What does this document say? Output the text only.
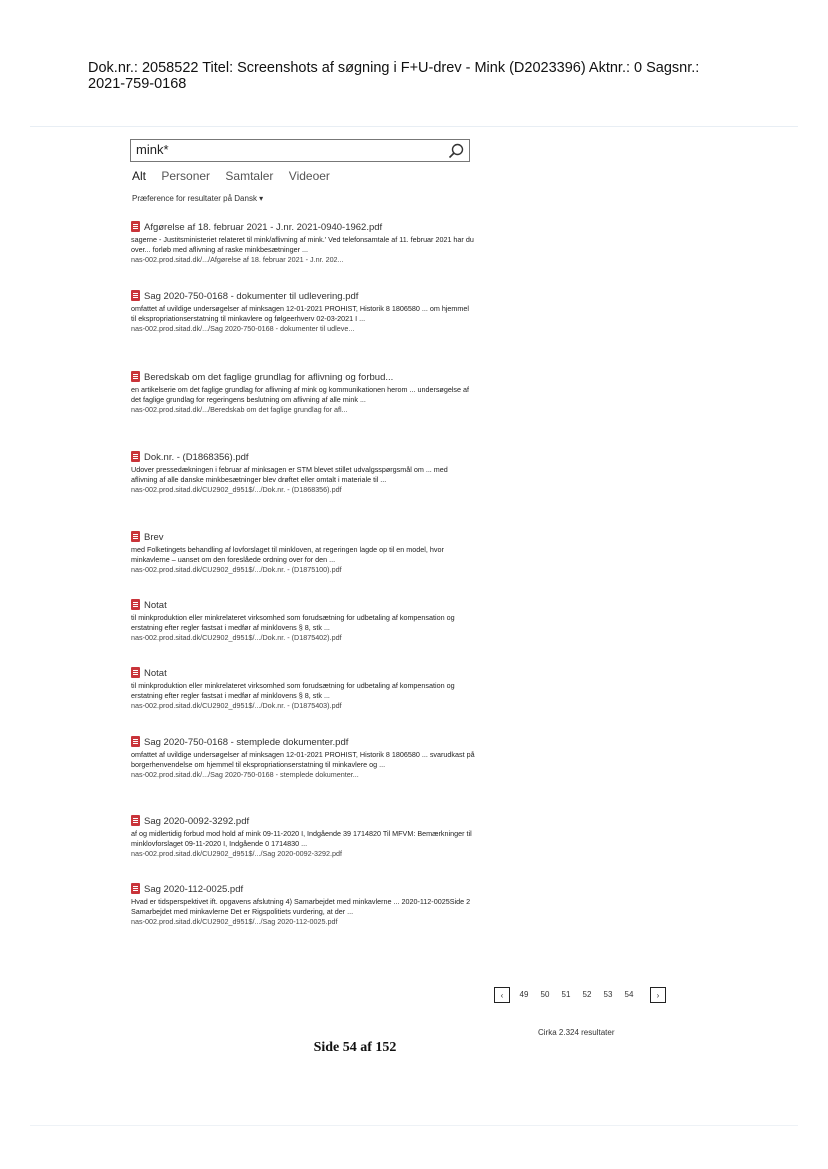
Dok.nr.: 2058522 Titel: Screenshots af søgning i F+U-drev - Mink (D2023396) Aktnr.: 0 Sagsnr.:
2021-759-0168
mink*
Alt Personer Samtaler Videoer
Præference for resultater på Dansk ▾
Afgørelse af 18. februar 2021 - J.nr. 2021-0940-1962.pdf
sagerne - Justitsministeriet relateret til mink/aflivning af mink.' Ved telefonsamtale af 11. februar 2021 har du over... forløb med aflivning af raske minkbesætninger ...
nas-002.prod.sitad.dk/.../Afgørelse af 18. februar 2021 - J.nr. 202...
Sag 2020-750-0168 - dokumenter til udlevering.pdf
omfattet af uvildige undersøgelser af minksagen 12-01-2021 PROHIST, Historik 8 1806580 ... om hjemmel til ekspropriationserstatning til minkavlere og følgeerhverv 02-03-2021 I ...
nas-002.prod.sitad.dk/.../Sag 2020-750-0168 - dokumenter til udleve...
Beredskab om det faglige grundlag for aflivning og forbud...
en artikelserie om det faglige grundlag for aflivning af mink og kommunikationen herom ... undersøgelse af det faglige grundlag for regeringens beslutning om aflivning af alle mink ...
nas-002.prod.sitad.dk/.../Beredskab om det faglige grundlag for afl...
Dok.nr. - (D1868356).pdf
Udover pressedækningen i februar af minksagen er STM blevet stillet udvalgsspørgsmål om ... med aflivning af alle danske minkbesætninger blev drøftet eller omtalt i materiale til ...
nas-002.prod.sitad.dk/CU2902_d951$/.../Dok.nr. - (D1868356).pdf
Brev
med Folketingets behandling af lovforslaget til minkloven, at regeringen lagde op til en model, hvor minkavlerne – uanset om den foreslåede ordning over for den ...
nas-002.prod.sitad.dk/CU2902_d951$/.../Dok.nr. - (D1875100).pdf
Notat
til minkproduktion eller minkrelateret virksomhed som forudsætning for udbetaling af kompensation og erstatning efter regler fastsat i medfør af minklovens § 8, stk ...
nas-002.prod.sitad.dk/CU2902_d951$/.../Dok.nr. - (D1875402).pdf
Notat
til minkproduktion eller minkrelateret virksomhed som forudsætning for udbetaling af kompensation og erstatning efter regler fastsat i medfør af minklovens § 8, stk ...
nas-002.prod.sitad.dk/CU2902_d951$/.../Dok.nr. - (D1875403).pdf
Sag 2020-750-0168 - stemplede dokumenter.pdf
omfattet af uvildige undersøgelser af minksagen 12-01-2021 PROHIST, Historik 8 1806580 ... svarudkast på borgerhenvendelse om hjemmel til ekspropriationserstatning til minkavlere og ...
nas-002.prod.sitad.dk/.../Sag 2020-750-0168 - stemplede dokumenter...
Sag 2020-0092-3292.pdf
af og midlertidig forbud mod hold af mink 09-11-2020 I, Indgående 39 1714820 Til MFVM: Bemærkninger til minklovforslaget 09-11-2020 I, Indgående 0 1714830 ...
nas-002.prod.sitad.dk/CU2902_d951$/.../Sag 2020-0092-3292.pdf
Sag 2020-112-0025.pdf
Hvad er tidsperspektivet ift. opgavens afslutning 4) Samarbejdet med minkavlerne ... 2020-112-0025Side 2 Samarbejdet med minkavlerne Det er Rigspolitiets vurdering, at der ...
nas-002.prod.sitad.dk/CU2902_d951$/.../Sag 2020-112-0025.pdf
‹	49	50	51	52	53	54	›
Cirka 2.324 resultater
Side 54 af 152
